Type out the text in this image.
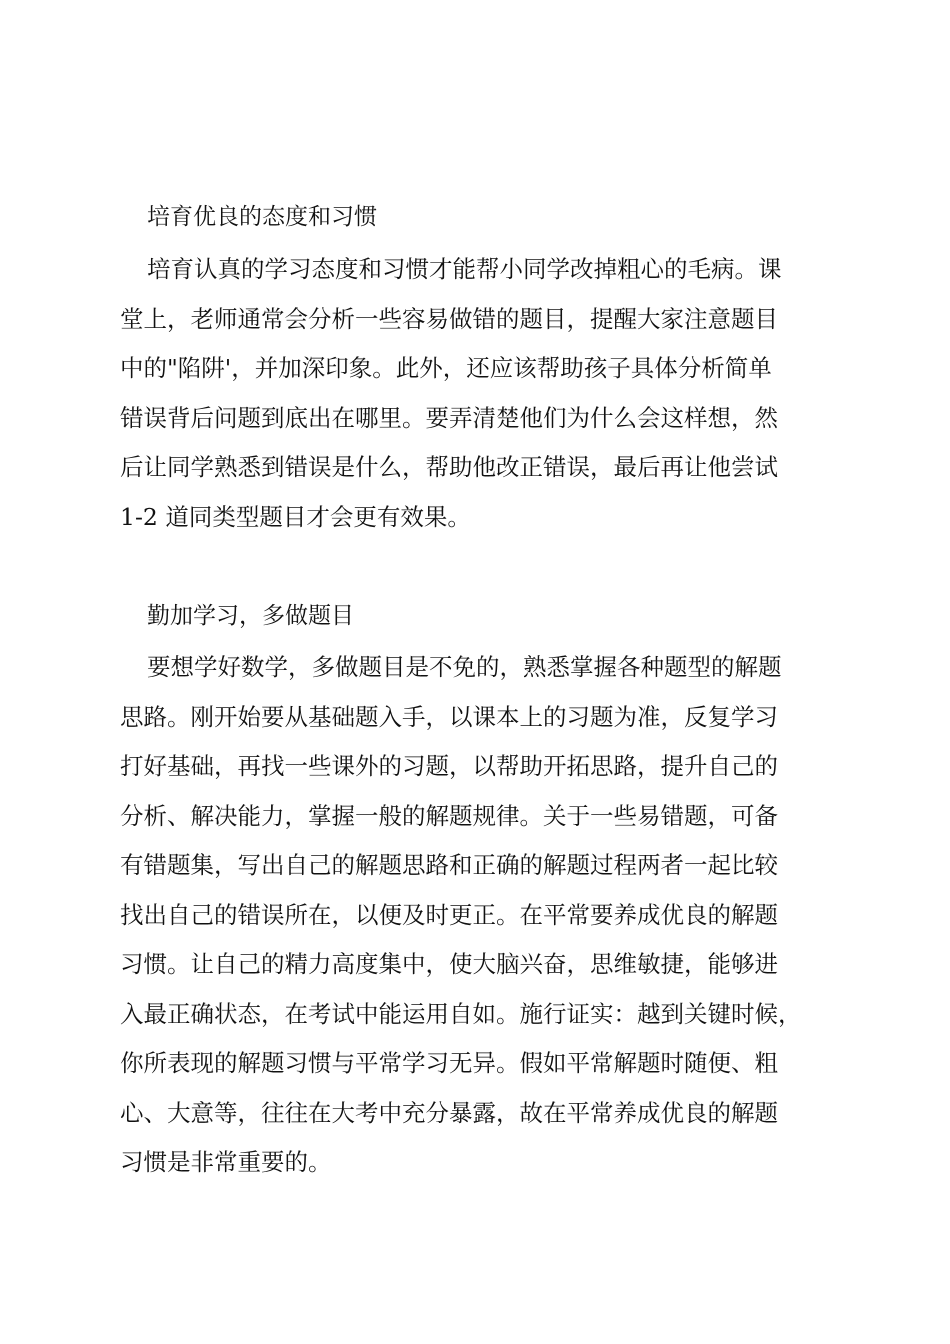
培育优良的态度和习惯
培育认真的学习态度和习惯才能帮小同学改掉粗心的毛病。课
堂上，老师通常会分析一些容易做错的题目，提醒大家注意题目
中的"陷阱'，并加深印象。此外，还应该帮助孩子具体分析简单
错误背后问题到底出在哪里。要弄清楚他们为什么会这样想，然
后让同学熟悉到错误是什么，帮助他改正错误，最后再让他尝试
1-2 道同类型题目才会更有效果。
勤加学习，多做题目
要想学好数学，多做题目是不免的，熟悉掌握各种题型的解题
思路。刚开始要从基础题入手，以课本上的习题为准，反复学习
打好基础，再找一些课外的习题，以帮助开拓思路，提升自己的
分析、解决能力，掌握一般的解题规律。关于一些易错题，可备
有错题集，写出自己的解题思路和正确的解题过程两者一起比较
找出自己的错误所在，以便及时更正。在平常要养成优良的解题
习惯。让自己的精力高度集中，使大脑兴奋，思维敏捷，能够进
入最正确状态，在考试中能运用自如。施行证实：越到关键时候，
你所表现的解题习惯与平常学习无异。假如平常解题时随便、粗
心、大意等，往往在大考中充分暴露，故在平常养成优良的解题
习惯是非常重要的。
